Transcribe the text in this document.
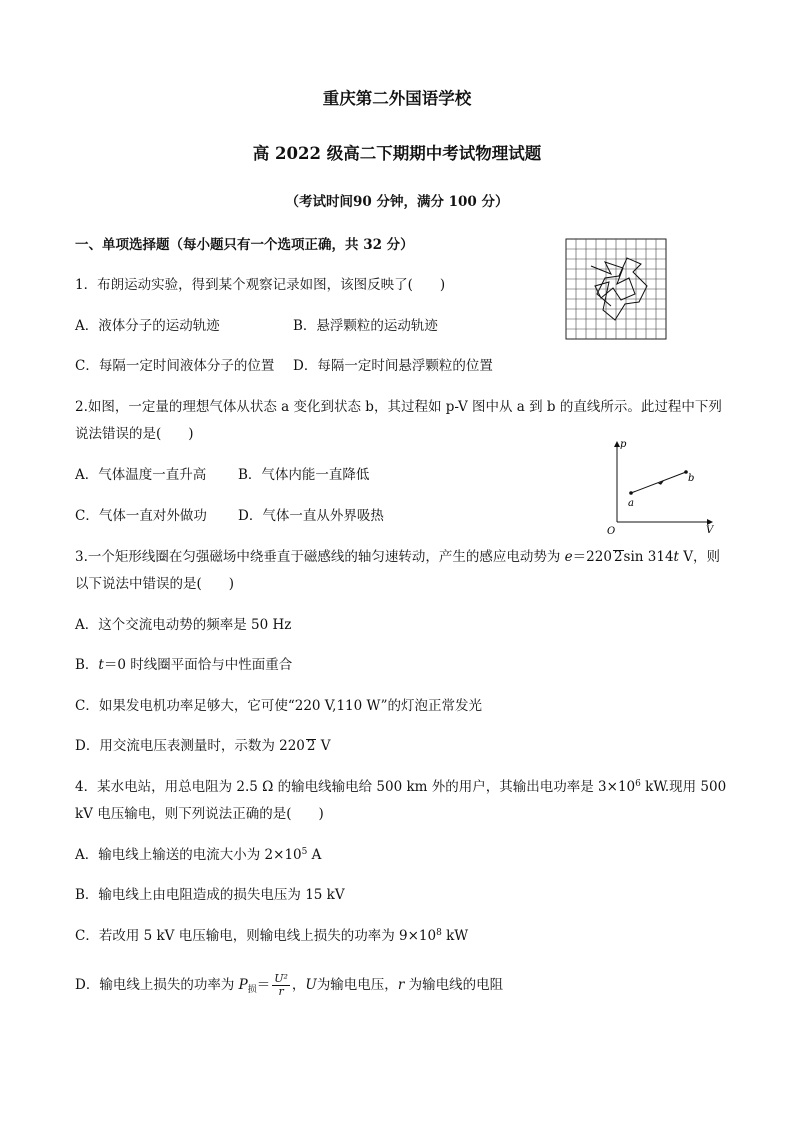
重庆第二外国语学校
高 2022 级高二下期期中考试物理试题
（考试时间90 分钟，满分 100 分）
一、单项选择题（每小题只有一个选项正确，共 32 分）
1．布朗运动实验，得到某个观察记录如图，该图反映了(　　)
A．液体分子的运动轨迹	B．悬浮颗粒的运动轨迹
C．每隔一定时间液体分子的位置 D．每隔一定时间悬浮颗粒的位置
2.如图，一定量的理想气体从状态 a 变化到状态 b，其过程如 p-V 图中从 a 到 b 的直线所示。此过程中下列
说法错误的是(　　)
A．气体温度一直升高 B．气体内能一直降低
C．气体一直对外做功 D．气体一直从外界吸热
p
V
O
a
b
3.一个矩形线圈在匀强磁场中绕垂直于磁感线的轴匀速转动，产生的感应电动势为 e＝220 2sin 314t V，则
以下说法中错误的是(　　)
A．这个交流电动势的频率是 50 Hz
B．t＝0 时线圈平面恰与中性面重合
C．如果发电机功率足够大，它可使“220 V,110 W”的灯泡正常发光
D．用交流电压表测量时，示数为 220 2 V
4．某水电站，用总电阻为 2.5 Ω 的输电线输电给 500 km 外的用户，其输出电功率是 $3\times 10^6$ kW.现用 500
kV 电压输电，则下列说法正确的是(　　)
A．输电线上输送的电流大小为 $2\times 10^5$ A
B．输电线上由电阻造成的损失电压为 15 kV
C．若改用 5 kV 电压输电，则输电线上损失的功率为 $9\times 10^8$ kW
D．输电线上损失的功率为 $P_损= \frac{\text{U²}}{r}$ ，U为输电电压，r 为输电线的电阻
